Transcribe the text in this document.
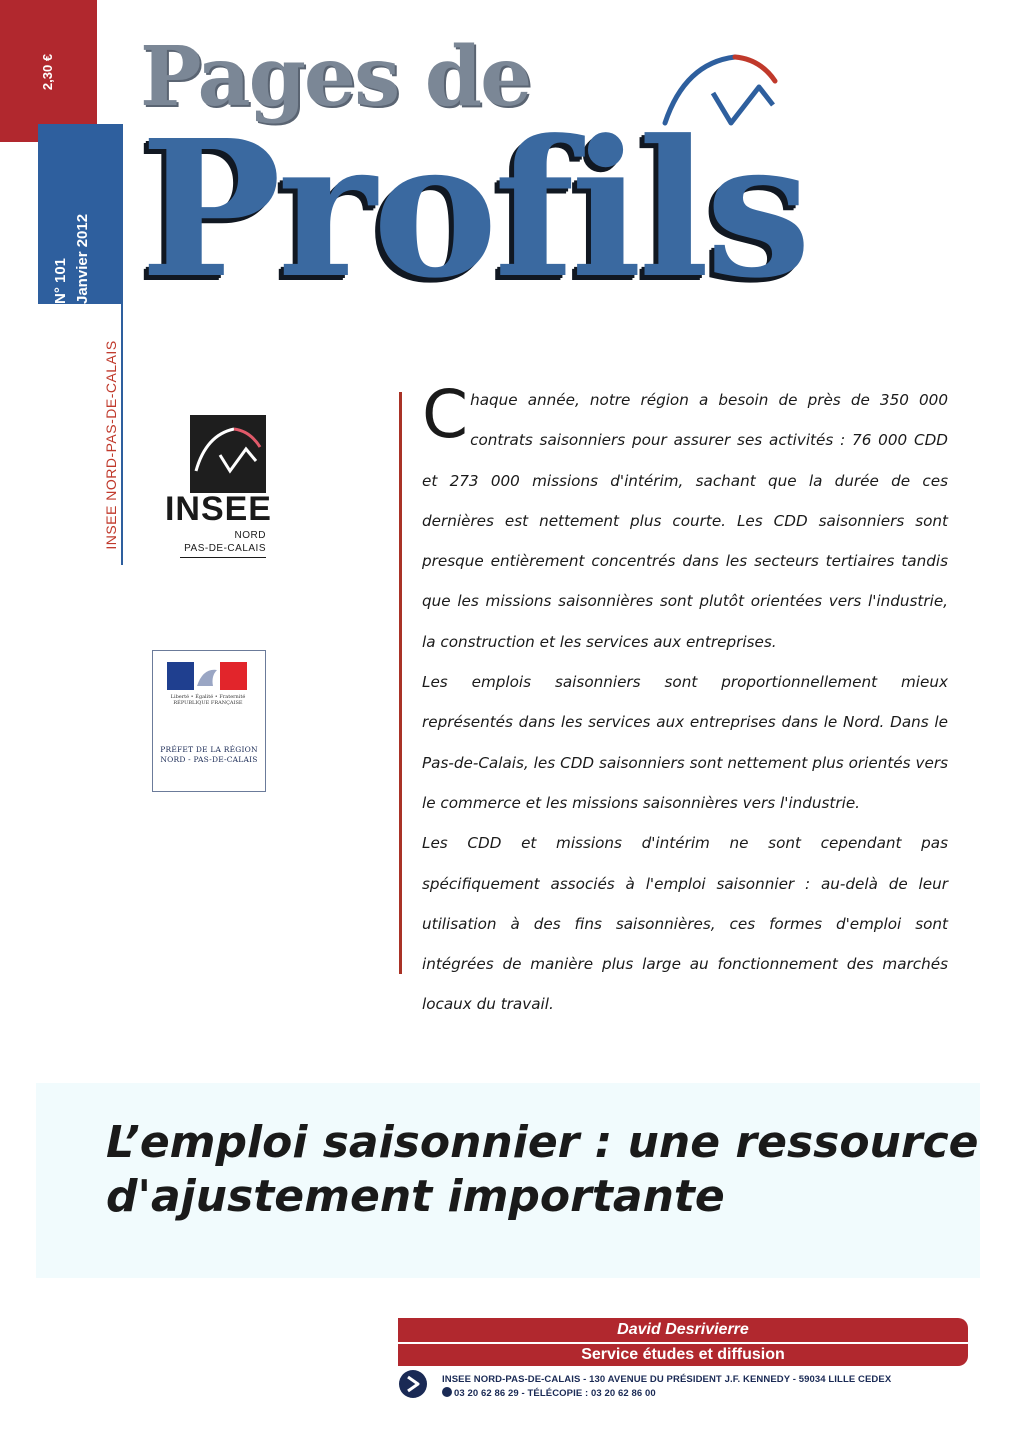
2,30 €
N° 101 Janvier 2012
INSEE NORD-PAS-DE-CALAIS
Pages de
Profils
INSEE
NORD
PAS-DE-CALAIS
Liberté • Égalité • Fraternité RÉPUBLIQUE FRANÇAISE
PRÉFET DE LA RÉGION NORD - PAS-DE-CALAIS

Chaque année, notre région a besoin de près de 350 000 contrats saisonniers pour assurer ses activités : 76 000 CDD et 273 000 missions d'intérim, sachant que la durée de ces dernières est nettement plus courte. Les CDD saisonniers sont presque entièrement concentrés dans les secteurs tertiaires tandis que les missions saisonnières sont plutôt orientées vers l'industrie, la construction et les services aux entreprises.

Les emplois saisonniers sont proportionnellement mieux représentés dans les services aux entreprises dans le Nord. Dans le Pas-de-Calais, les CDD saisonniers sont nettement plus orientés vers le commerce et les missions saisonnières vers l'industrie.

Les CDD et missions d'intérim ne sont cependant pas spécifiquement associés à l'emploi saisonnier : au-delà de leur utilisation à des fins saisonnières, ces formes d'emploi sont intégrées de manière plus large au fonctionnement des marchés locaux du travail.

L’emploi saisonnier : une ressource
d'ajustement importante
David Desrivierre
Service études et diffusion
INSEE NORD-PAS-DE-CALAIS - 130 AVENUE DU PRÉSIDENT J.F. KENNEDY - 59034 LILLE CEDEX
03 20 62 86 29 - TÉLÉCOPIE : 03 20 62 86 00
